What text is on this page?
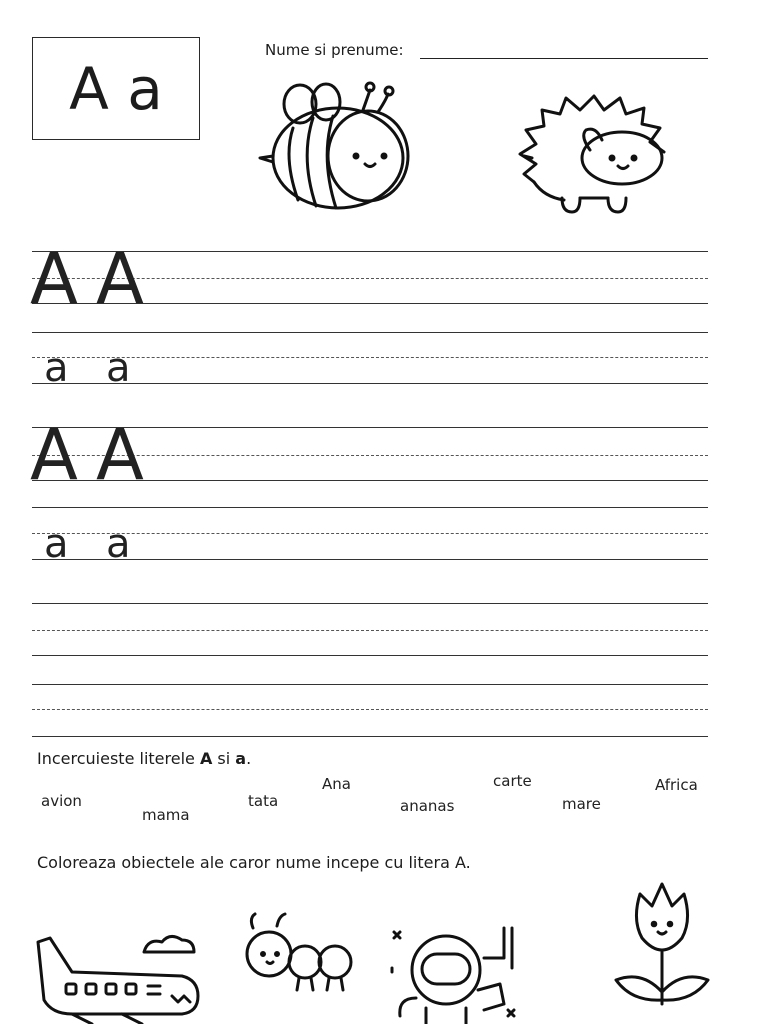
A a
Nume si prenume:
A A
a a
A A
a a
Incercuieste literele A si a.
avion
mama
tata
Ana
ananas
carte
mare
Africa
Coloreaza obiectele ale caror nume incepe cu litera A.
